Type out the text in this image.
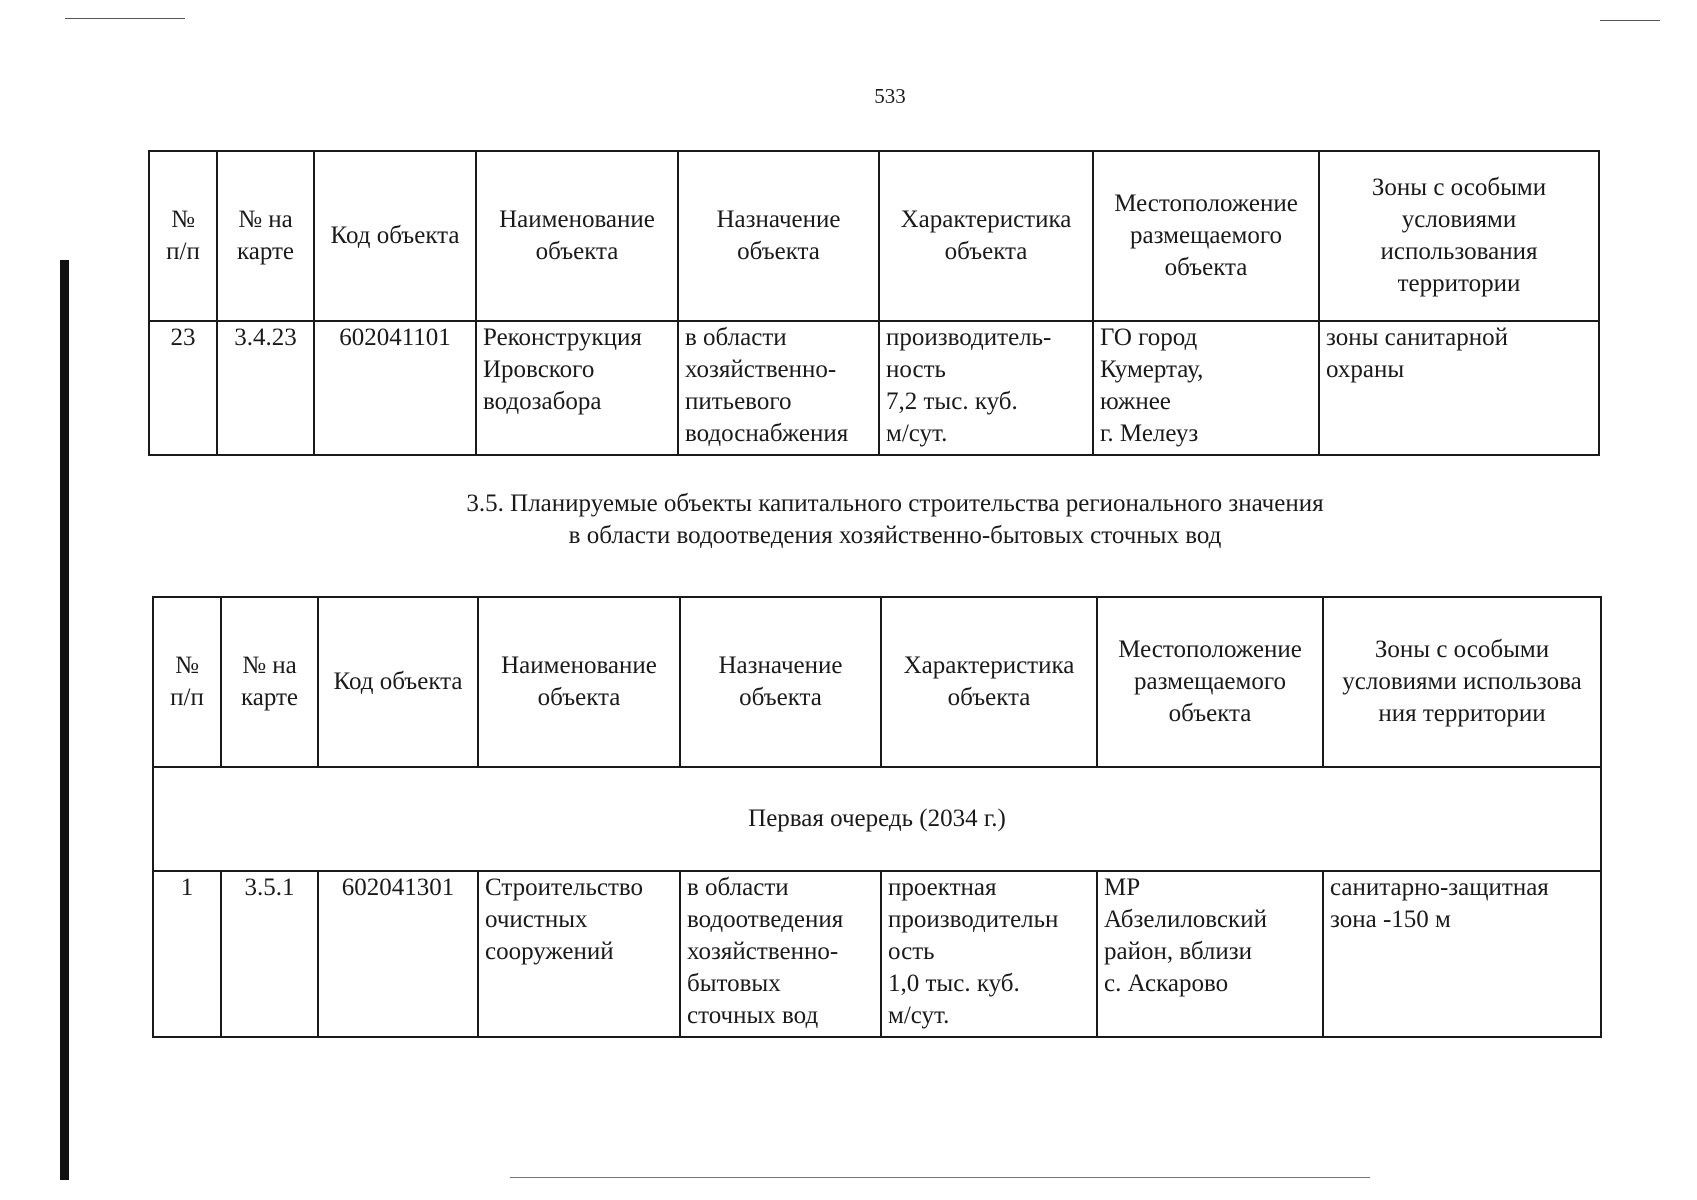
533
№
п/п	№ на
карте	Код объекта	Наименование
объекта	Назначение
объекта	Характеристика
объекта	Местоположение
размещаемого
объекта	Зоны с особыми
условиями
использования
территории

23	3.4.23	602041101	Реконструкция
Ировского
водозабора	в области
хозяйственно-
питьевого
водоснабжения	производитель-
ность
7,2 тыс. куб.
м/сут.	ГО город
Кумертау,
южнее
г. Мелеуз	зоны санитарной
охраны
3.5. Планируемые объекты капитального строительства регионального значения
в области водоотведения хозяйственно-бытовых сточных вод
№
п/п	№ на
карте	Код объекта	Наименование
объекта	Назначение
объекта	Характеристика
объекта	Местоположение
размещаемого
объекта	Зоны с особыми
условиями использова
ния территории

Первая очередь (2034 г.)							

1	3.5.1	602041301	Строительство
очистных
сооружений	в области
водоотведения
хозяйственно-
бытовых
сточных вод	проектная
производительн
ость
1,0 тыс. куб.
м/сут.	МР
Абзелиловский
район, вблизи
с. Аскарово	санитарно-защитная
зона -150 м
